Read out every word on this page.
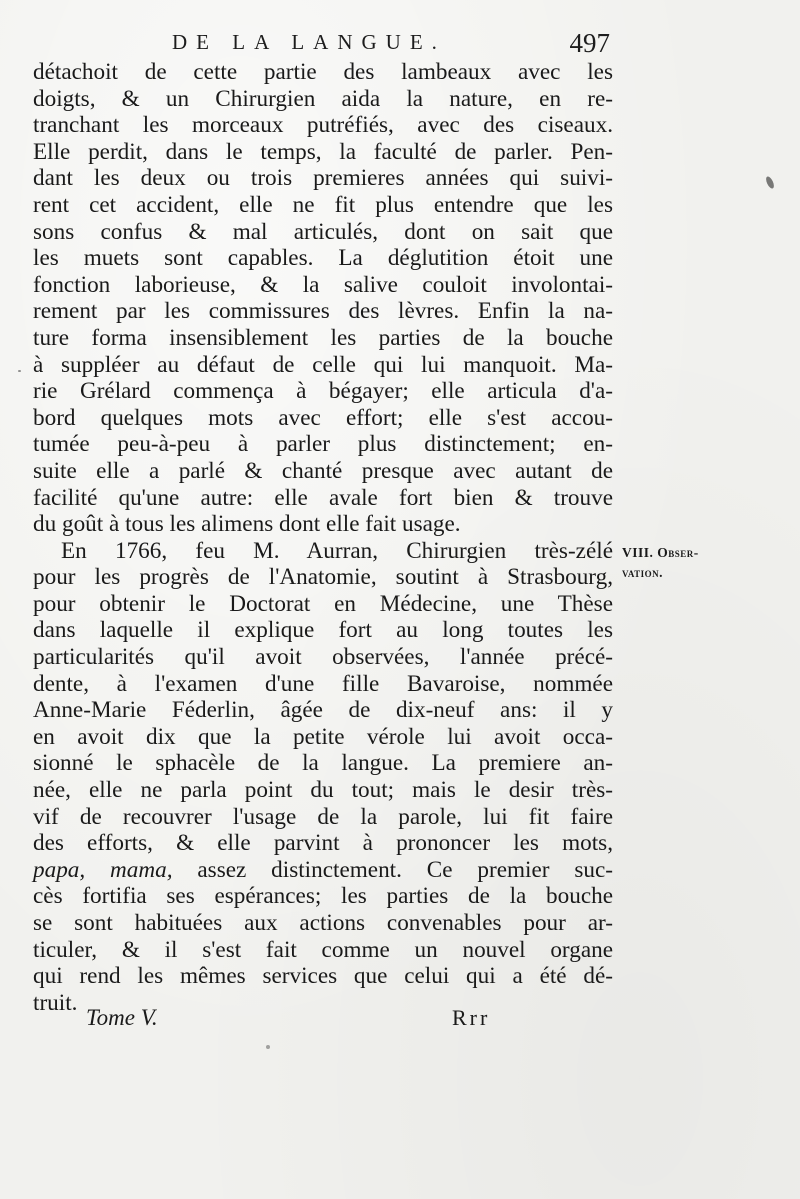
DE LA LANGUE.	497
détachoit de cette partie des lambeaux avec les
doigts, & un Chirurgien aida la nature, en re-
tranchant les morceaux putréfiés, avec des ciseaux.
Elle perdit, dans le temps, la faculté de parler. Pen-
dant les deux ou trois premieres années qui suivi-
rent cet accident, elle ne fit plus entendre que les
sons confus & mal articulés, dont on sait que
les muets sont capables. La déglutition étoit une
fonction laborieuse, & la salive couloit involontai-
rement par les commissures des lèvres. Enfin la na-
ture forma insensiblement les parties de la bouche
à suppléer au défaut de celle qui lui manquoit. Ma-
rie Grélard commença à bégayer; elle articula d'a-
bord quelques mots avec effort; elle s'est accou-
tumée peu-à-peu à parler plus distinctement; en-
suite elle a parlé & chanté presque avec autant de
facilité qu'une autre: elle avale fort bien & trouve
du goût à tous les alimens dont elle fait usage.
En 1766, feu M. Aurran, Chirurgien très-zélé
pour les progrès de l'Anatomie, soutint à Strasbourg,
pour obtenir le Doctorat en Médecine, une Thèse
dans laquelle il explique fort au long toutes les
particularités qu'il avoit observées, l'année précé-
dente, à l'examen d'une fille Bavaroise, nommée
Anne-Marie Féderlin, âgée de dix-neuf ans: il y
en avoit dix que la petite vérole lui avoit occa-
sionné le sphacèle de la langue. La premiere an-
née, elle ne parla point du tout; mais le desir très-
vif de recouvrer l'usage de la parole, lui fit faire
des efforts, & elle parvint à prononcer les mots,
papa, mama, assez distinctement. Ce premier suc-
cès fortifia ses espérances; les parties de la bouche
se sont habituées aux actions convenables pour ar-
ticuler, & il s'est fait comme un nouvel organe
qui rend les mêmes services que celui qui a été dé-
truit.
VIII. Obser-
vation.
Tome V.	Rrr
